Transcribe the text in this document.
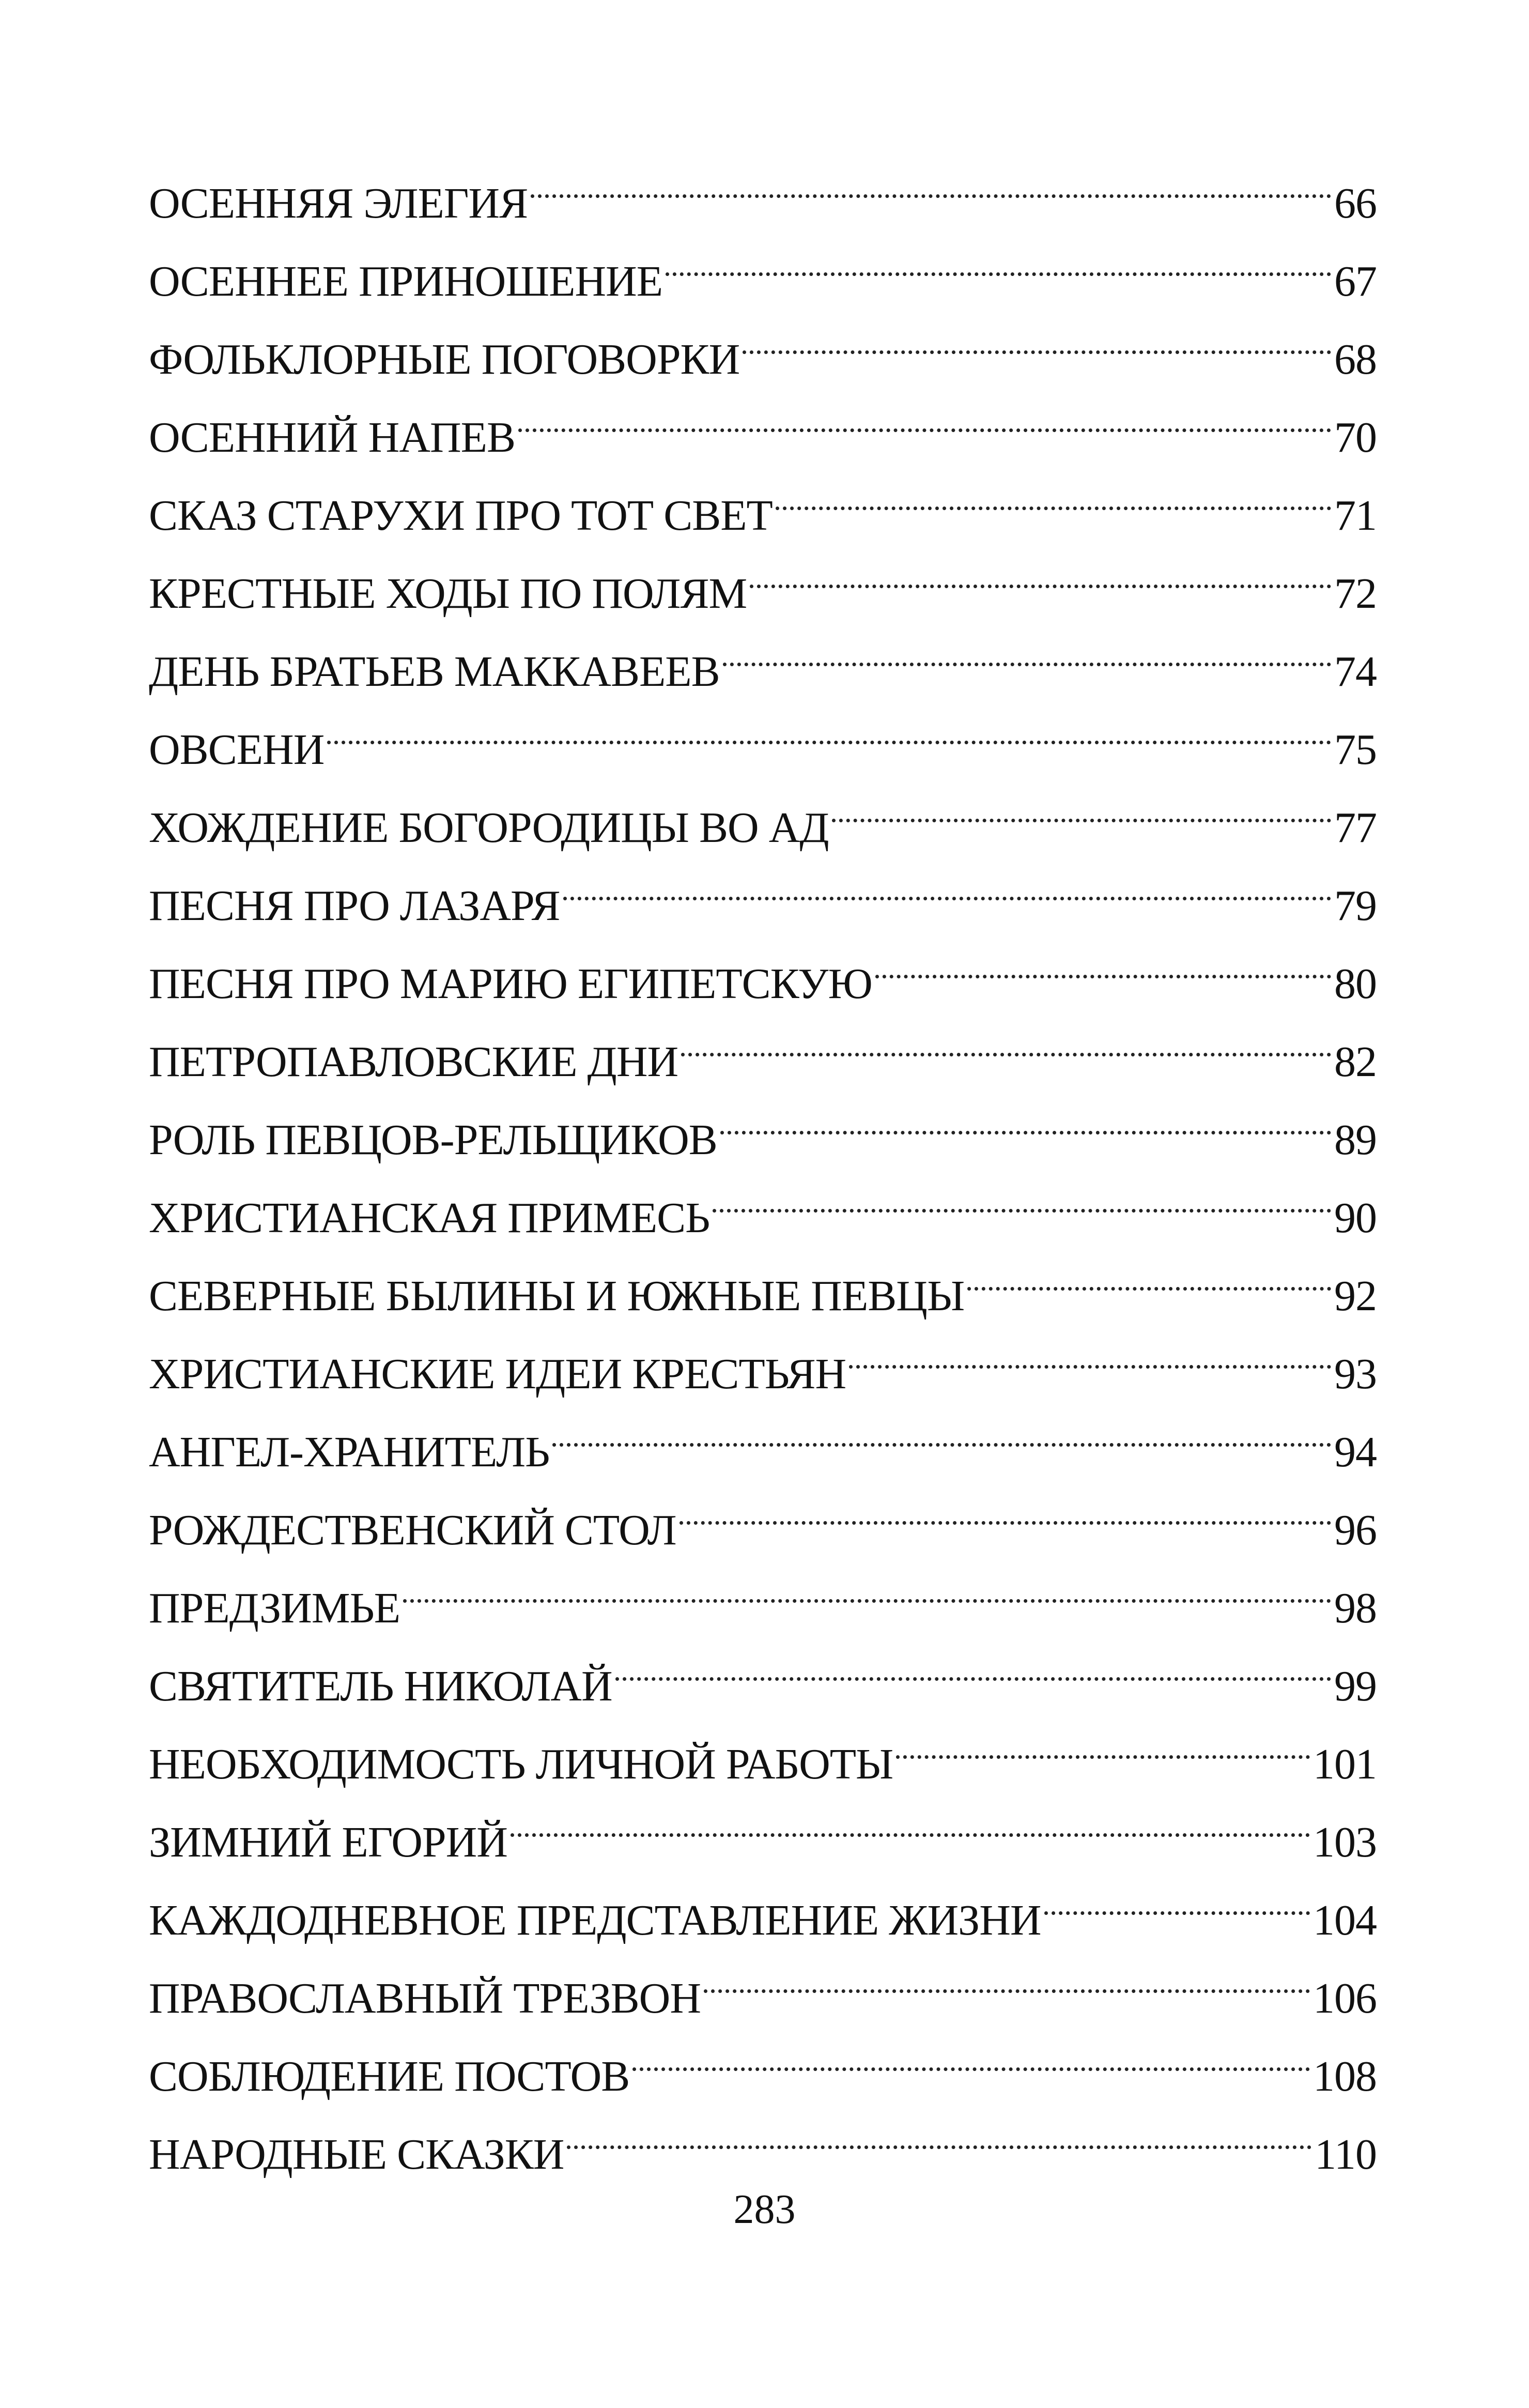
ОСЕННЯЯ ЭЛЕГИЯ	66
ОСЕННЕЕ ПРИНОШЕНИЕ	67
ФОЛЬКЛОРНЫЕ ПОГОВОРКИ	68
ОСЕННИЙ НАПЕВ	70
СКАЗ СТАРУХИ ПРО ТОТ СВЕТ	71
КРЕСТНЫЕ ХОДЫ ПО ПОЛЯМ	72
ДЕНЬ БРАТЬЕВ МАККАВЕЕВ	74
ОВСЕНИ	75
ХОЖДЕНИЕ БОГОРОДИЦЫ ВО АД	77
ПЕСНЯ ПРО ЛАЗАРЯ	79
ПЕСНЯ ПРО МАРИЮ ЕГИПЕТСКУЮ	80
ПЕТРОПАВЛОВСКИЕ ДНИ	82
РОЛЬ ПЕВЦОВ-РЕЛЬЩИКОВ	89
ХРИСТИАНСКАЯ ПРИМЕСЬ	90
СЕВЕРНЫЕ БЫЛИНЫ И ЮЖНЫЕ ПЕВЦЫ	92
ХРИСТИАНСКИЕ ИДЕИ КРЕСТЬЯН	93
АНГЕЛ-ХРАНИТЕЛЬ	94
РОЖДЕСТВЕНСКИЙ СТОЛ	96
ПРЕДЗИМЬЕ	98
СВЯТИТЕЛЬ НИКОЛАЙ	99
НЕОБХОДИМОСТЬ ЛИЧНОЙ РАБОТЫ	101
ЗИМНИЙ ЕГОРИЙ	103
КАЖДОДНЕВНОЕ ПРЕДСТАВЛЕНИЕ ЖИЗНИ	104
ПРАВОСЛАВНЫЙ ТРЕЗВОН	106
СОБЛЮДЕНИЕ ПОСТОВ	108
НАРОДНЫЕ СКАЗКИ	110
283
